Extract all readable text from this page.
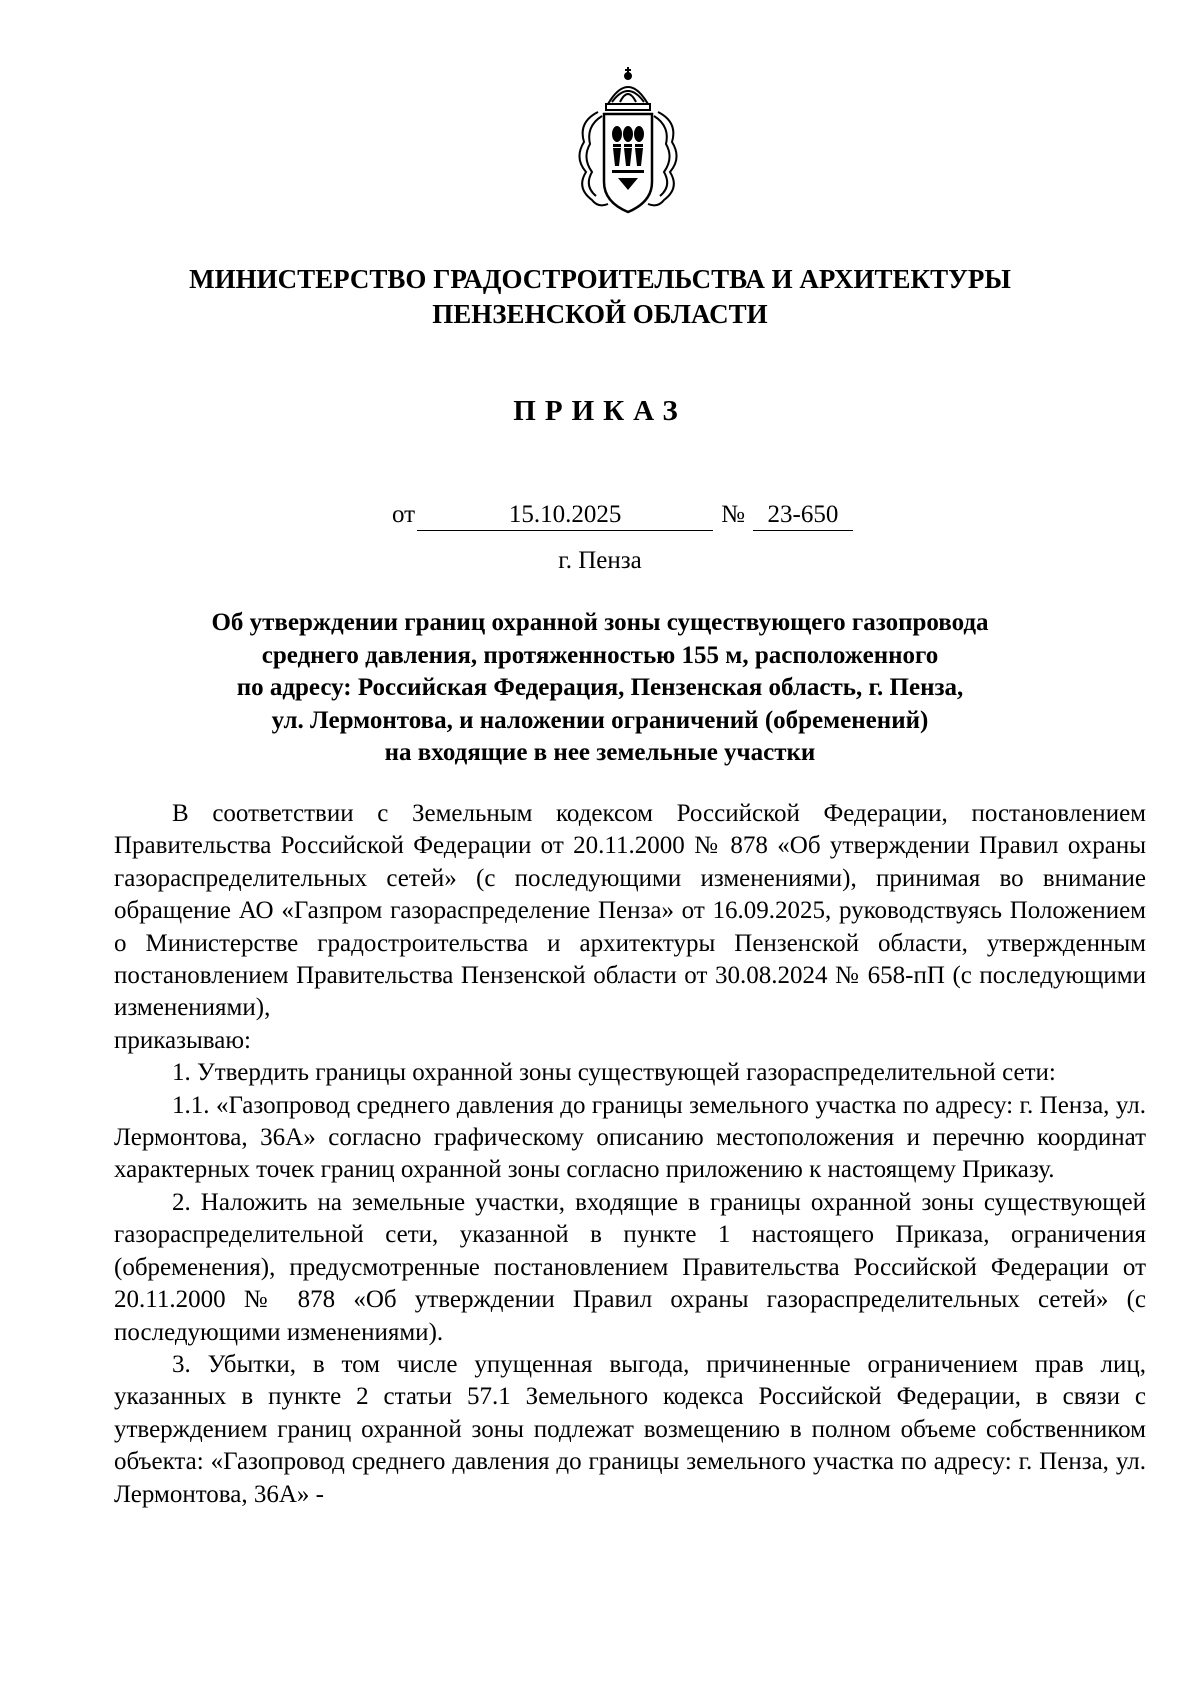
МИНИСТЕРСТВО ГРАДОСТРОИТЕЛЬСТВА И АРХИТЕКТУРЫ
ПЕНЗЕНСКОЙ ОБЛАСТИ
ПРИКАЗ
от	15.10.2025	№ 23-650
г. Пенза
Об утверждении границ охранной зоны существующего газопровода
среднего давления, протяженностью 155 м, расположенного
по адресу: Российская Федерация, Пензенская область, г. Пенза,
ул. Лермонтова, и наложении ограничений (обременений)
на входящие в нее земельные участки

В соответствии с Земельным кодексом Российской Федерации, постановлением Правительства Российской Федерации от 20.11.2000 № 878 «Об утверждении Правил охраны газораспределительных сетей» (с последующими изменениями), принимая во внимание обращение АО «Газпром газораспределение Пенза» от 16.09.2025, руководствуясь Положением о Министерстве градостроительства и архитектуры Пензенской области, утвержденным постановлением Правительства Пензенской области от 30.08.2024 № 658-пП (с последующими изменениями),

приказываю:

1. Утвердить границы охранной зоны существующей газораспределительной сети:

1.1. «Газопровод среднего давления до границы земельного участка по адресу: г. Пенза, ул. Лермонтова, 36А» согласно графическому описанию местоположения и перечню координат характерных точек границ охранной зоны согласно приложению к настоящему Приказу.

2. Наложить на земельные участки, входящие в границы охранной зоны существующей газораспределительной сети, указанной в пункте 1 настоящего Приказа, ограничения (обременения), предусмотренные постановлением Правительства Российской Федерации от 20.11.2000 № 878 «Об утверждении Правил охраны газораспределительных сетей» (с последующими изменениями).

3. Убытки, в том числе упущенная выгода, причиненные ограничением прав лиц, указанных в пункте 2 статьи 57.1 Земельного кодекса Российской Федерации, в связи с утверждением границ охранной зоны подлежат возмещению в полном объеме собственником объекта: «Газопровод среднего давления до границы земельного участка по адресу: г. Пенза, ул. Лермонтова, 36А» -
